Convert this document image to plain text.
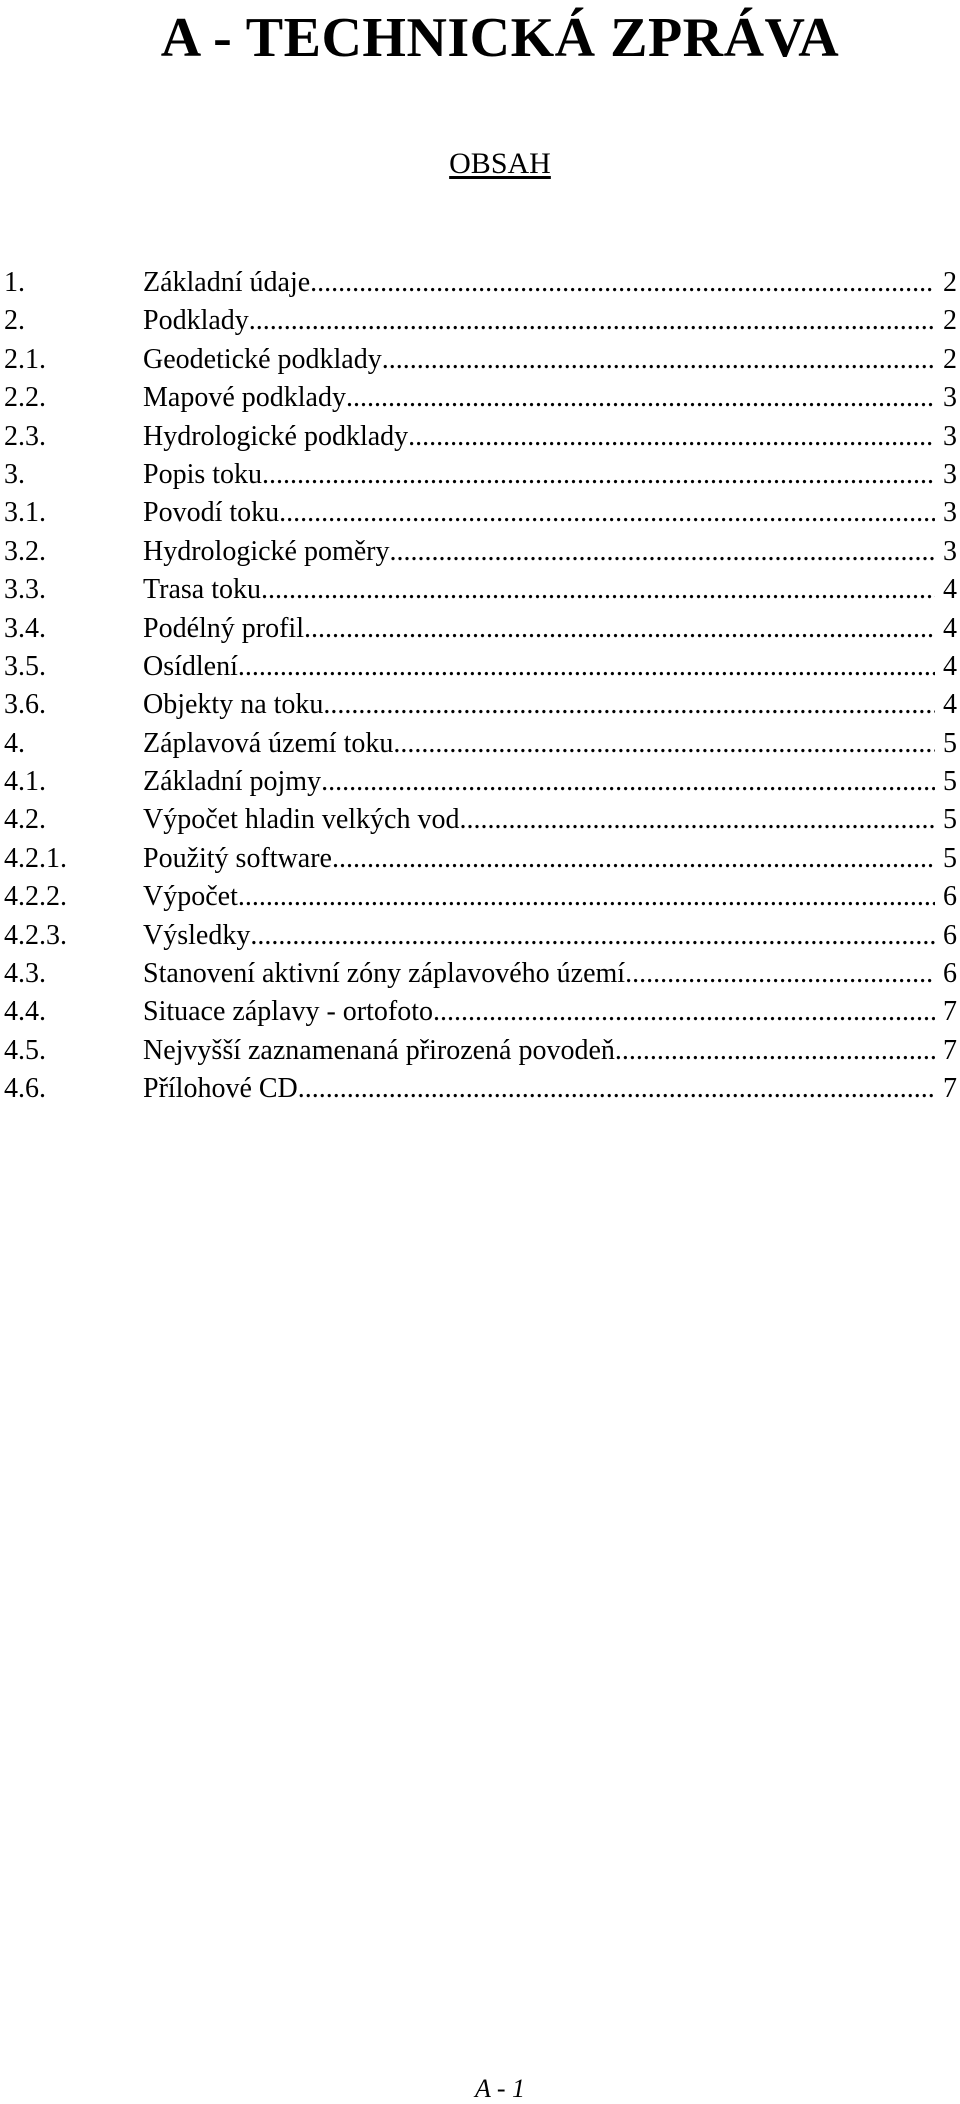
A - TECHNICKÁ ZPRÁVA
OBSAH
1.	Základní údaje .....	2
2.	Podklady .....	2
2.1.	Geodetické podklady .....	2
2.2.	Mapové podklady .....	3
2.3.	Hydrologické podklady .....	3
3.	Popis toku .....	3
3.1.	Povodí toku .....	3
3.2.	Hydrologické poměry .....	3
3.3.	Trasa toku .....	4
3.4.	Podélný profil .....	4
3.5.	Osídlení .....	4
3.6.	Objekty na toku .....	4
4.	Záplavová území toku .....	5
4.1.	Základní pojmy .....	5
4.2.	Výpočet hladin velkých vod .....	5
4.2.1.	Použitý software .....	5
4.2.2.	Výpočet .....	6
4.2.3.	Výsledky .....	6
4.3.	Stanovení aktivní zóny záplavového území .....	6
4.4.	Situace záplavy - ortofoto .....	7
4.5.	Nejvyšší zaznamenaná přirozená povodeň .....	7
4.6.	Přílohové CD .....	7
A - 1
